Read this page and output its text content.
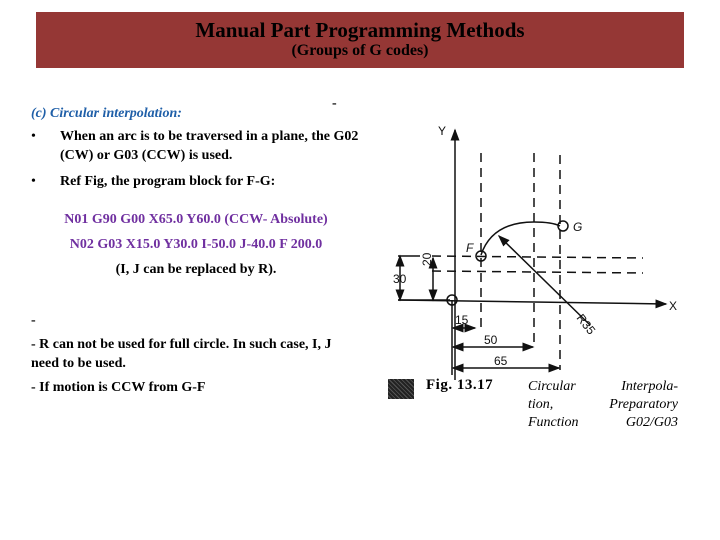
Manual Part Programming Methods
(Groups of G codes)
-
(c) Circular interpolation:
• When an arc is to be traversed in a plane, the G02 (CW) or G03 (CCW) is used.
• Ref Fig, the program block for F-G:
N01 G90 G00 X65.0 Y60.0 (CCW- Absolute)
N02 G03 X15.0 Y30.0 I-50.0 J-40.0 F 200.0
(I, J can be replaced by R).
-
- R can not be used for full circle. In such case, I, J need to be used.
- If motion is CCW from G-F
Y
X
F
G
15
50
65
30
20
R35
Fig. 13.17 Circular Interpola-
tion, Preparatory
Function G02/G03
